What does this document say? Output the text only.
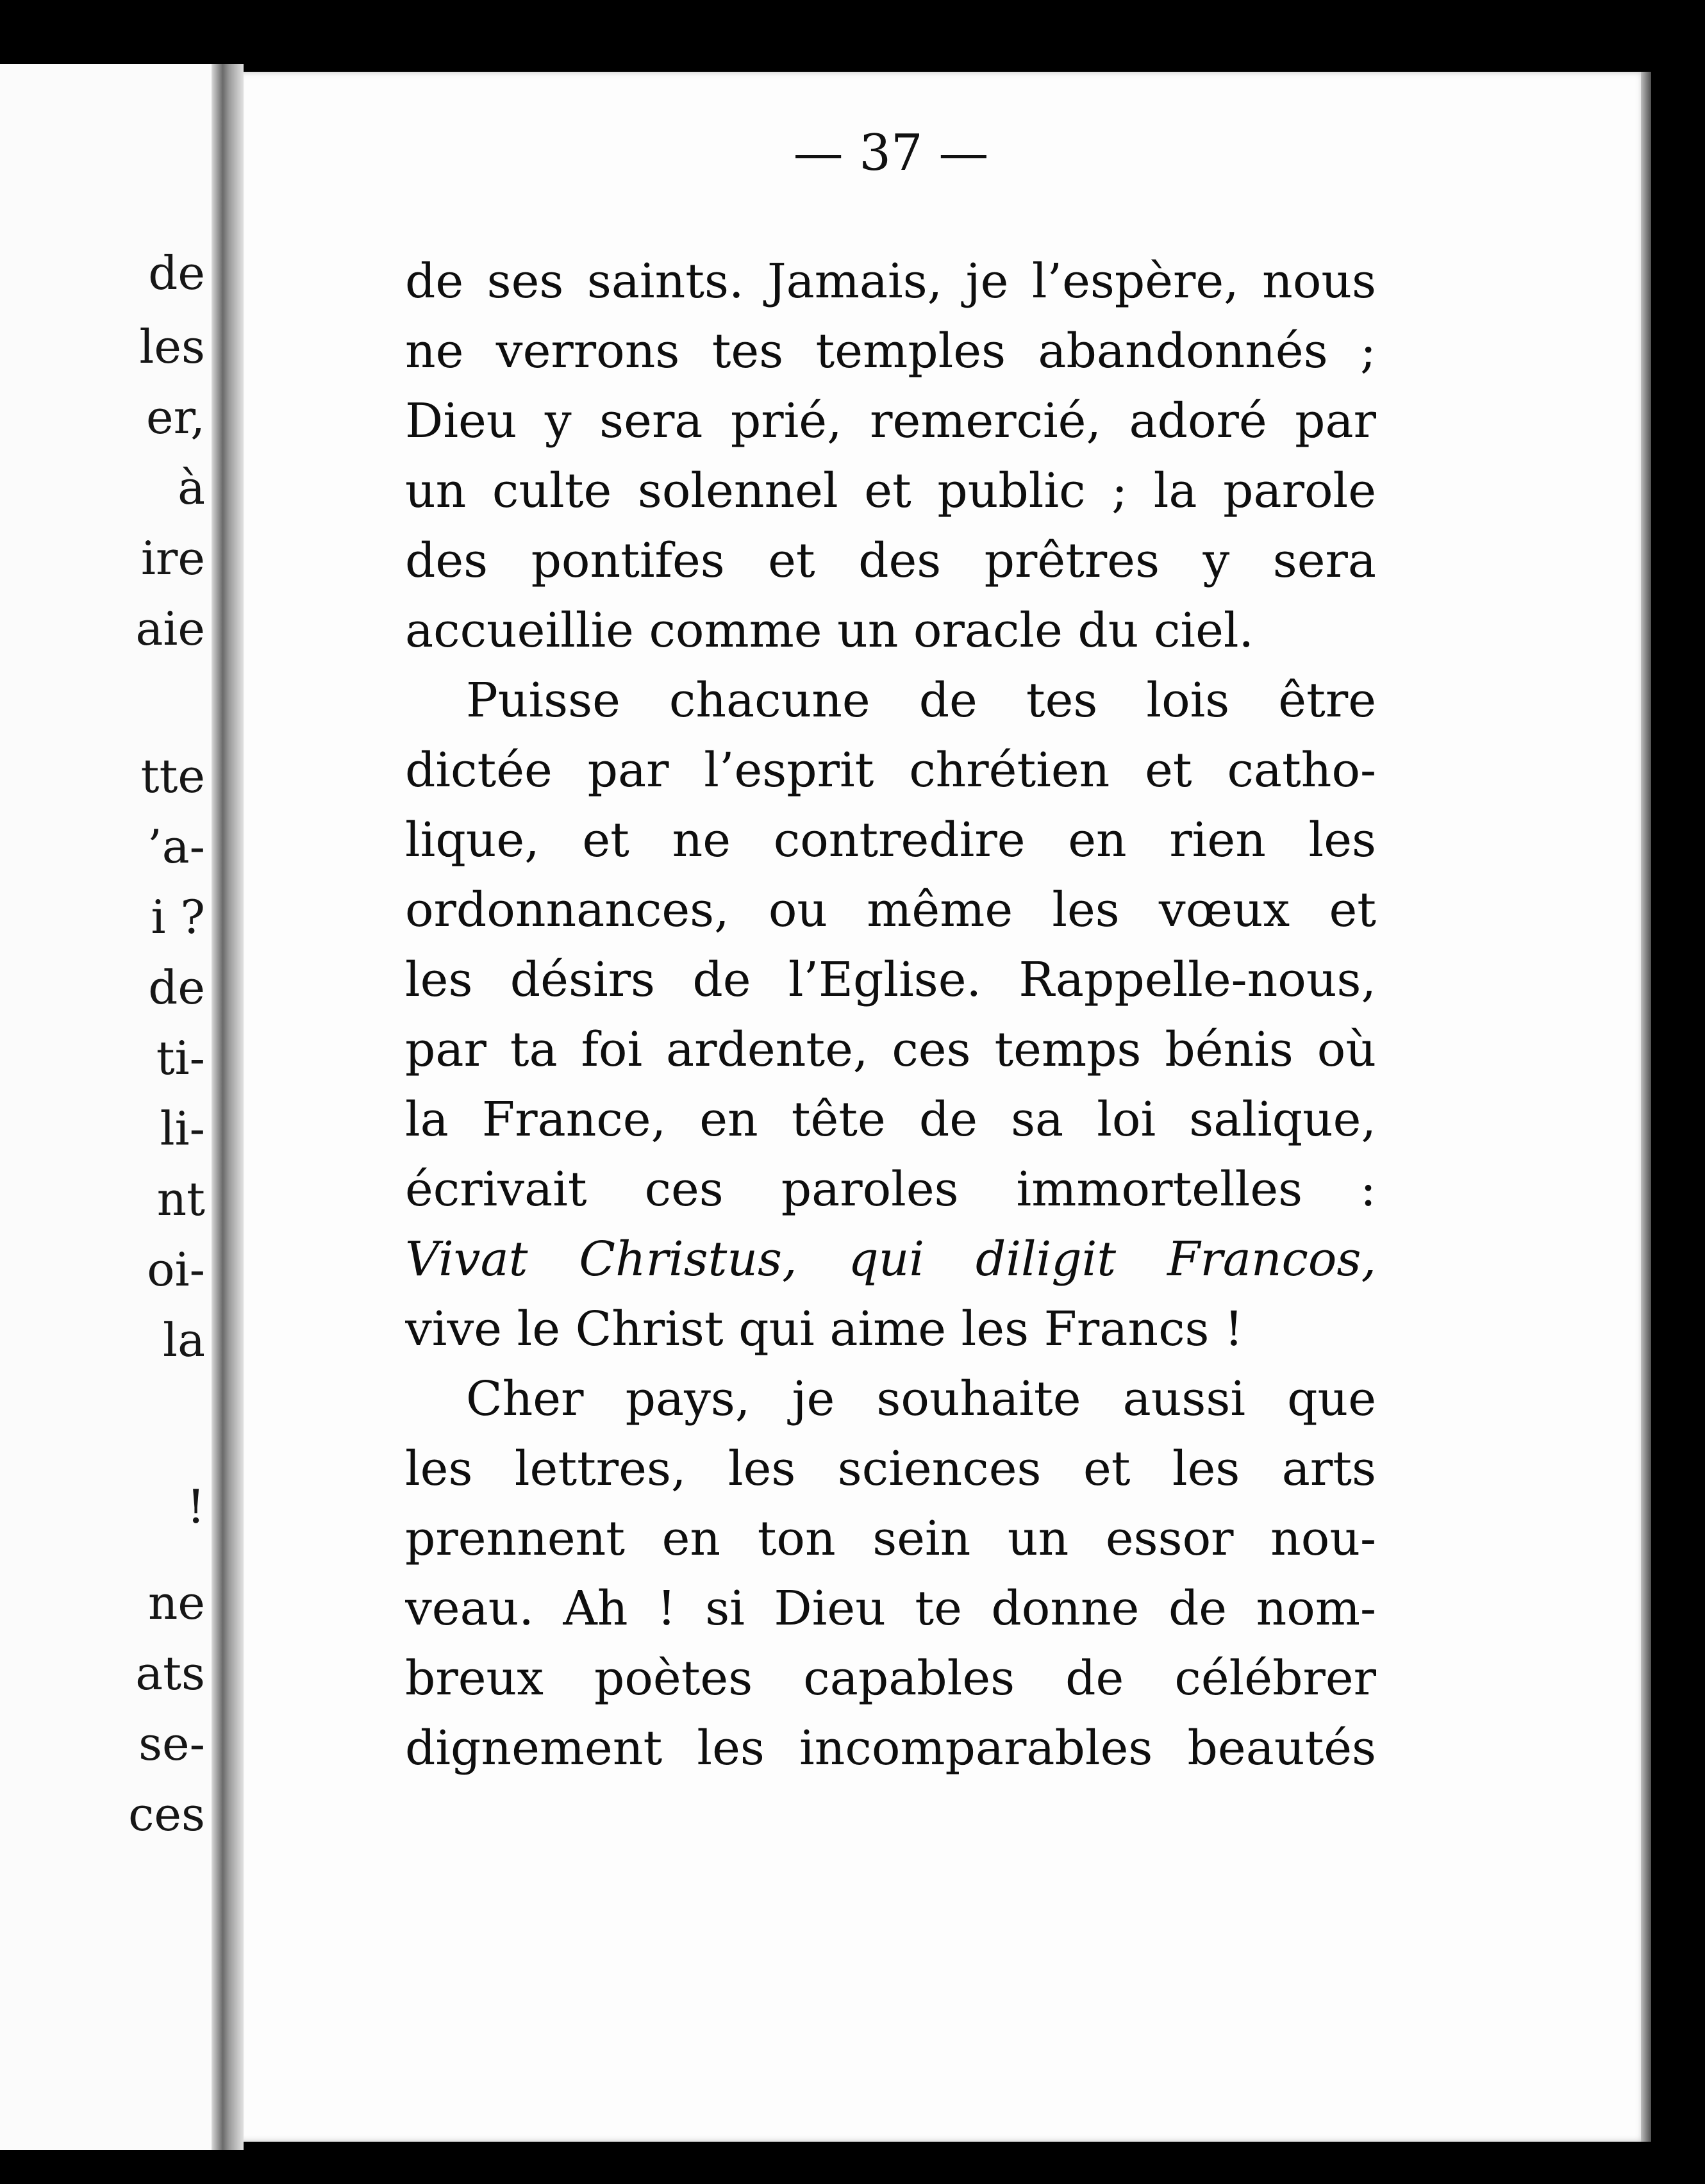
de
les
er,
à
ire
aie
tte
’a-
i ?
de
ti-
li-
nt
oi-
la
!
ne
ats
se-
ces
— 37 —
de ses saints. Jamais, je l’espère, nous
ne verrons tes temples abandonnés ;
Dieu y sera prié, remercié, adoré par
un culte solennel et public ; la parole
des pontifes et des prêtres y sera
accueillie comme un oracle du ciel.
Puisse chacune de tes lois être
dictée par l’esprit chrétien et catho-
lique, et ne contredire en rien les
ordonnances, ou même les vœux et
les désirs de l’Eglise. Rappelle-nous,
par ta foi ardente, ces temps bénis où
la France, en tête de sa loi salique,
écrivait ces paroles immortelles :
Vivat Christus, qui diligit Francos,
vive le Christ qui aime les Francs !
Cher pays, je souhaite aussi que
les lettres, les sciences et les arts
prennent en ton sein un essor nou-
veau. Ah ! si Dieu te donne de nom-
breux poètes capables de célébrer
dignement les incomparables beautés
